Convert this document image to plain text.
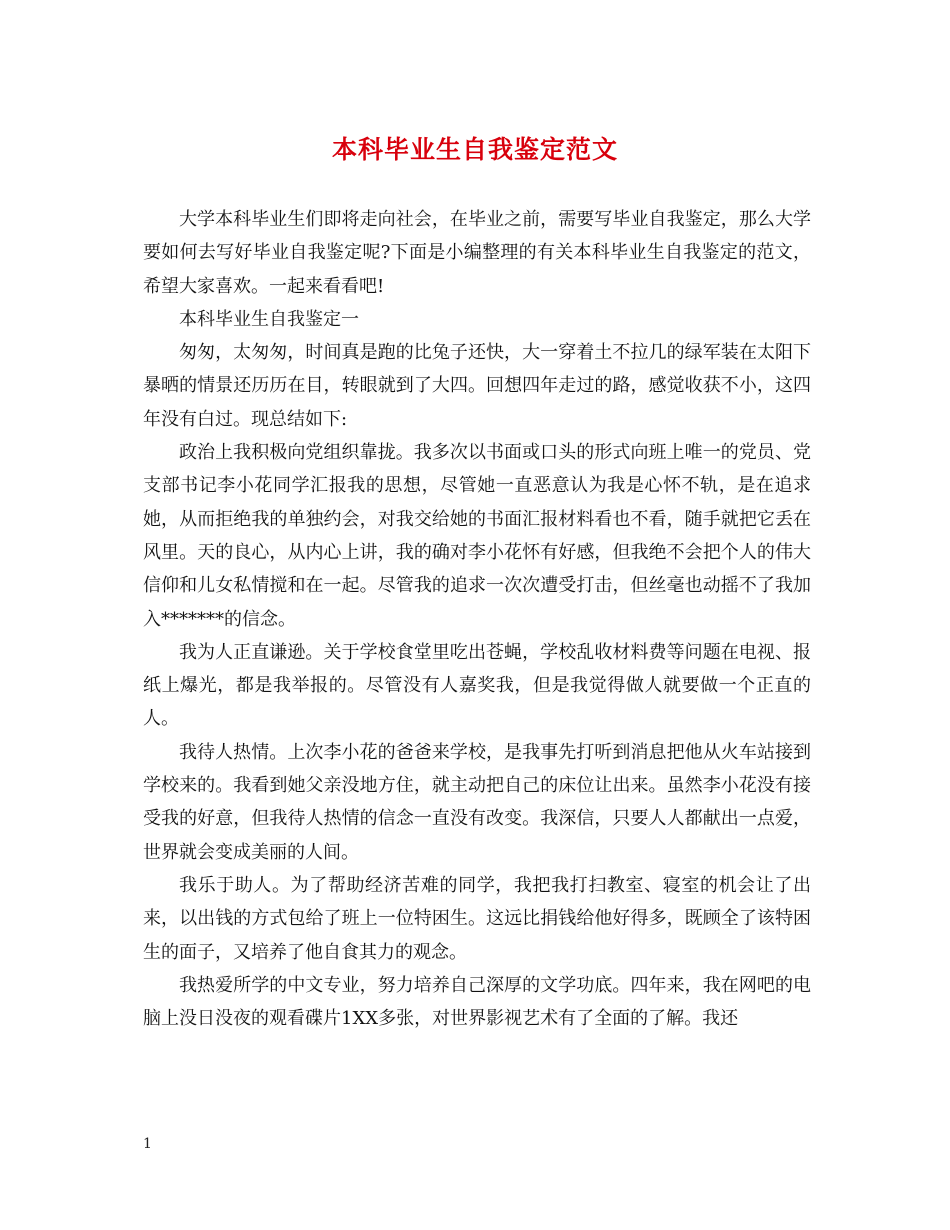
本科毕业生自我鉴定范文

大学本科毕业生们即将走向社会，在毕业之前，需要写毕业自我鉴定，那么大学要如何去写好毕业自我鉴定呢?下面是小编整理的有关本科毕业生自我鉴定的范文，希望大家喜欢。一起来看看吧!

本科毕业生自我鉴定一

匆匆，太匆匆，时间真是跑的比兔子还快，大一穿着土不拉几的绿军装在太阳下暴晒的情景还历历在目，转眼就到了大四。回想四年走过的路，感觉收获不小，这四年没有白过。现总结如下:

政治上我积极向党组织靠拢。我多次以书面或口头的形式向班上唯一的党员、党支部书记李小花同学汇报我的思想，尽管她一直恶意认为我是心怀不轨，是在追求她，从而拒绝我的单独约会，对我交给她的书面汇报材料看也不看，随手就把它丢在风里。天的良心，从内心上讲，我的确对李小花怀有好感，但我绝不会把个人的伟大信仰和儿女私情搅和在一起。尽管我的追求一次次遭受打击，但丝毫也动摇不了我加入*******的信念。

我为人正直谦逊。关于学校食堂里吃出苍蝇，学校乱收材料费等问题在电视、报纸上爆光，都是我举报的。尽管没有人嘉奖我，但是我觉得做人就要做一个正直的人。

我待人热情。上次李小花的爸爸来学校，是我事先打听到消息把他从火车站接到学校来的。我看到她父亲没地方住，就主动把自己的床位让出来。虽然李小花没有接受我的好意，但我待人热情的信念一直没有改变。我深信，只要人人都献出一点爱，世界就会变成美丽的人间。

我乐于助人。为了帮助经济苦难的同学，我把我打扫教室、寝室的机会让了出来，以出钱的方式包给了班上一位特困生。这远比捐钱给他好得多，既顾全了该特困生的面子，又培养了他自食其力的观念。

我热爱所学的中文专业，努力培养自己深厚的文学功底。四年来，我在网吧的电脑上没日没夜的观看碟片1XX多张，对世界影视艺术有了全面的了解。我还

1
